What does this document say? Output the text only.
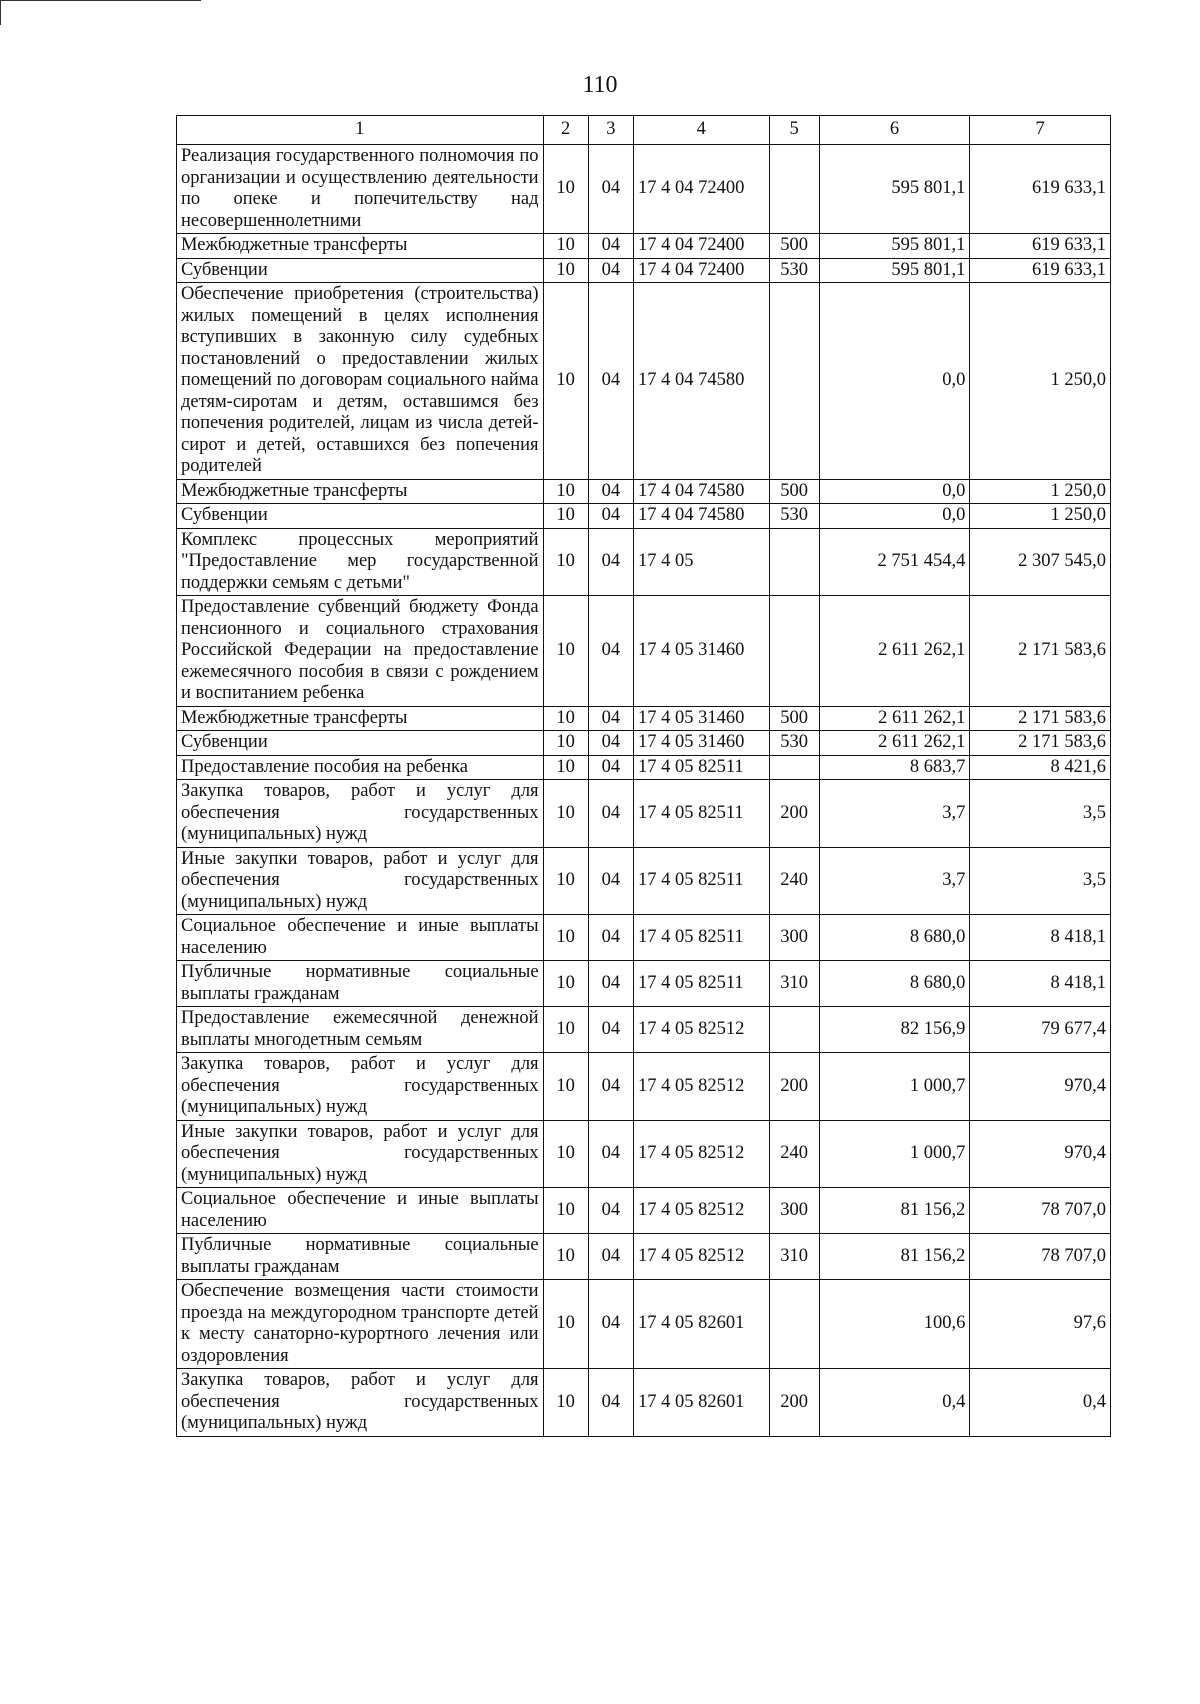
110
1	2	3	4	5	6	7
Реализация государственного полномочия по организации и осуществлению деятельности по опеке и попечительству над несовершеннолетними	10	04	17 4 04 72400		595 801,1	619 633,1
Межбюджетные трансферты	10	04	17 4 04 72400	500	595 801,1	619 633,1
Субвенции	10	04	17 4 04 72400	530	595 801,1	619 633,1
Обеспечение приобретения (строительства) жилых помещений в целях исполнения вступивших в законную силу судебных постановлений о предоставлении жилых помещений по договорам социального найма детям-сиротам и детям, оставшимся без попечения родителей, лицам из числа детей-сирот и детей, оставшихся без попечения родителей	10	04	17 4 04 74580		0,0	1 250,0
Межбюджетные трансферты	10	04	17 4 04 74580	500	0,0	1 250,0
Субвенции	10	04	17 4 04 74580	530	0,0	1 250,0
Комплекс процессных мероприятий "Предоставление мер государственной поддержки семьям с детьми"	10	04	17 4 05		2 751 454,4	2 307 545,0
Предоставление субвенций бюджету Фонда пенсионного и социального страхования Российской Федерации на предоставление ежемесячного пособия в связи с рождением и воспитанием ребенка	10	04	17 4 05 31460		2 611 262,1	2 171 583,6
Межбюджетные трансферты	10	04	17 4 05 31460	500	2 611 262,1	2 171 583,6
Субвенции	10	04	17 4 05 31460	530	2 611 262,1	2 171 583,6
Предоставление пособия на ребенка	10	04	17 4 05 82511		8 683,7	8 421,6
Закупка товаров, работ и услуг для обеспечения государственных (муниципальных) нужд	10	04	17 4 05 82511	200	3,7	3,5
Иные закупки товаров, работ и услуг для обеспечения государственных (муниципальных) нужд	10	04	17 4 05 82511	240	3,7	3,5
Социальное обеспечение и иные выплаты населению	10	04	17 4 05 82511	300	8 680,0	8 418,1
Публичные нормативные социальные выплаты гражданам	10	04	17 4 05 82511	310	8 680,0	8 418,1
Предоставление ежемесячной денежной выплаты многодетным семьям	10	04	17 4 05 82512		82 156,9	79 677,4
Закупка товаров, работ и услуг для обеспечения государственных (муниципальных) нужд	10	04	17 4 05 82512	200	1 000,7	970,4
Иные закупки товаров, работ и услуг для обеспечения государственных (муниципальных) нужд	10	04	17 4 05 82512	240	1 000,7	970,4
Социальное обеспечение и иные выплаты населению	10	04	17 4 05 82512	300	81 156,2	78 707,0
Публичные нормативные социальные выплаты гражданам	10	04	17 4 05 82512	310	81 156,2	78 707,0
Обеспечение возмещения части стоимости проезда на междугородном транспорте детей к месту санаторно-курортного лечения или оздоровления	10	04	17 4 05 82601		100,6	97,6
Закупка товаров, работ и услуг для обеспечения государственных (муниципальных) нужд	10	04	17 4 05 82601	200	0,4	0,4
